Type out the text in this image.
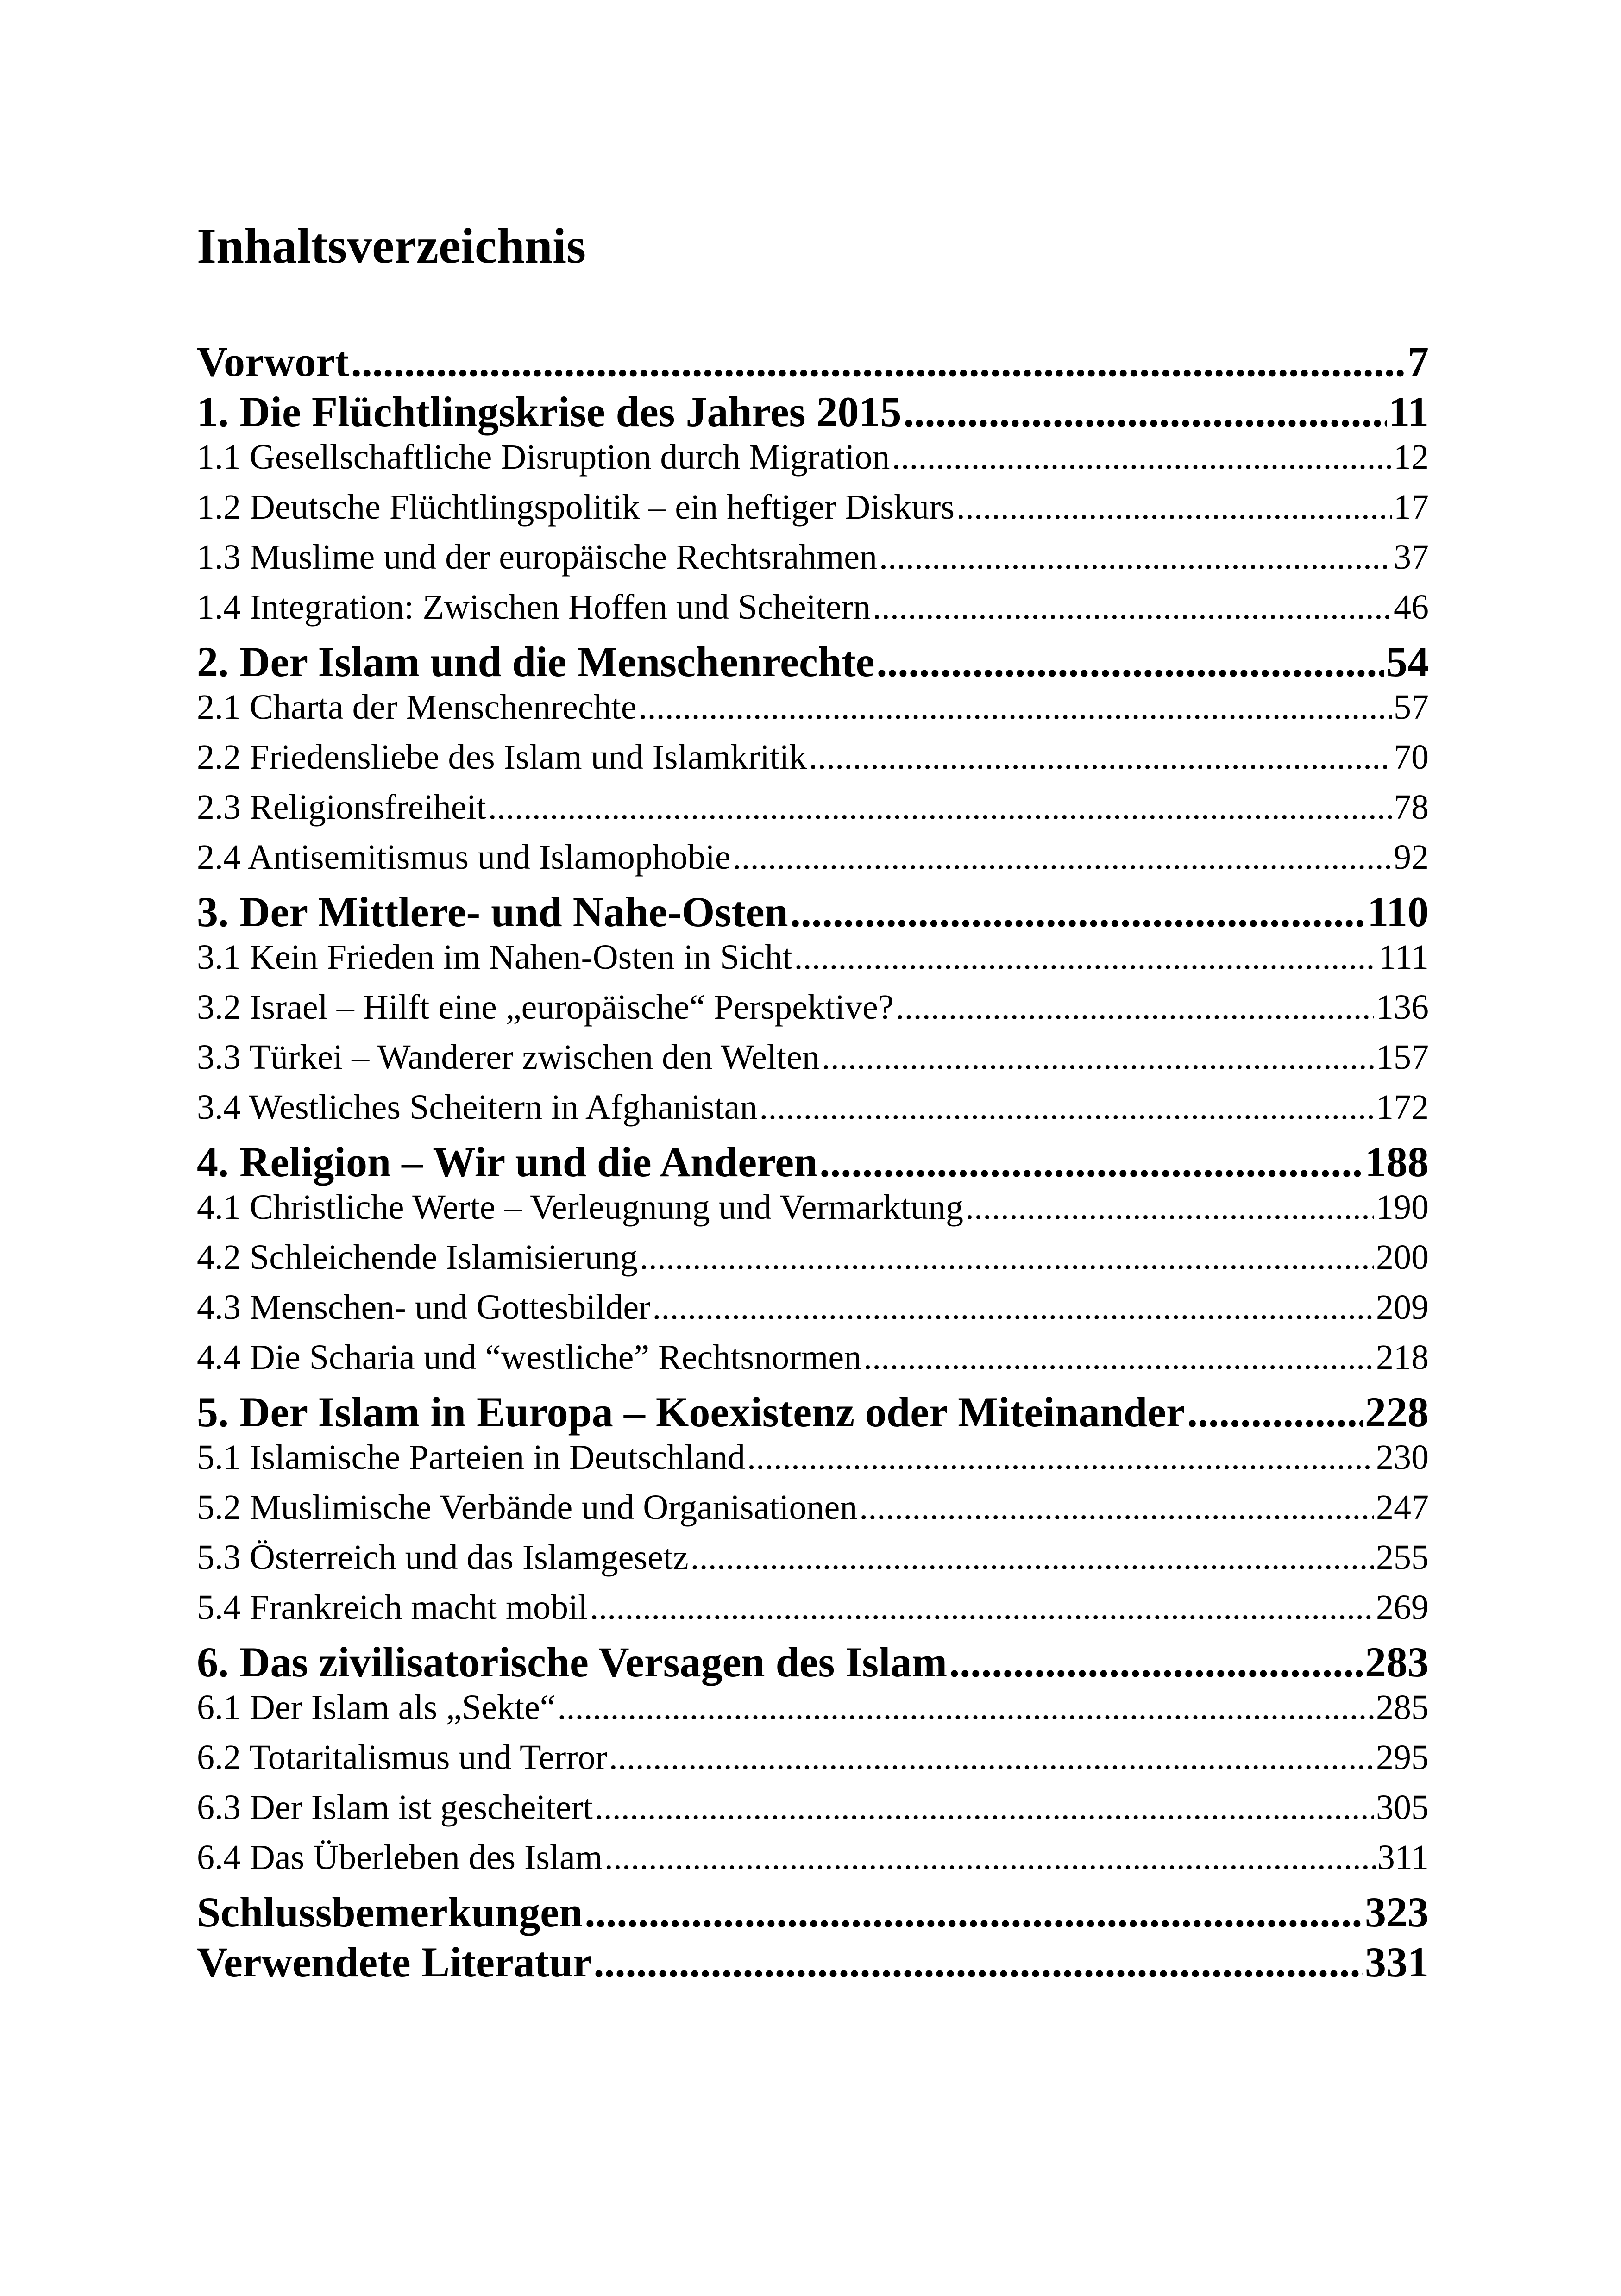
Inhaltsverzeichnis
Vorwort .....	7
1. Die Flüchtlingskrise des Jahres 2015 .....	11
1.1 Gesellschaftliche Disruption durch Migration .....	12
1.2 Deutsche Flüchtlingspolitik – ein heftiger Diskurs .....	17
1.3 Muslime und der europäische Rechtsrahmen .....	37
1.4 Integration: Zwischen Hoffen und Scheitern .....	46
2. Der Islam und die Menschenrechte .....	54
2.1 Charta der Menschenrechte .....	57
2.2 Friedensliebe des Islam und Islamkritik .....	70
2.3 Religionsfreiheit .....	78
2.4 Antisemitismus und Islamophobie .....	92
3. Der Mittlere- und Nahe-Osten .....	110
3.1 Kein Frieden im Nahen-Osten in Sicht .....	111
3.2 Israel – Hilft eine „europäische“ Perspektive? .....	136
3.3 Türkei – Wanderer zwischen den Welten .....	157
3.4 Westliches Scheitern in Afghanistan .....	172
4. Religion – Wir und die Anderen .....	188
4.1 Christliche Werte – Verleugnung und Vermarktung .....	190
4.2 Schleichende Islamisierung .....	200
4.3 Menschen- und Gottesbilder .....	209
4.4 Die Scharia und “westliche” Rechtsnormen .....	218
5. Der Islam in Europa – Koexistenz oder Miteinander .....	228
5.1 Islamische Parteien in Deutschland .....	230
5.2 Muslimische Verbände und Organisationen .....	247
5.3 Österreich und das Islamgesetz .....	255
5.4 Frankreich macht mobil .....	269
6. Das zivilisatorische Versagen des Islam .....	283
6.1 Der Islam als „Sekte“ .....	285
6.2 Totaritalismus und Terror .....	295
6.3 Der Islam ist gescheitert .....	305
6.4 Das Überleben des Islam .....	311
Schlussbemerkungen .....	323
Verwendete Literatur .....	331
